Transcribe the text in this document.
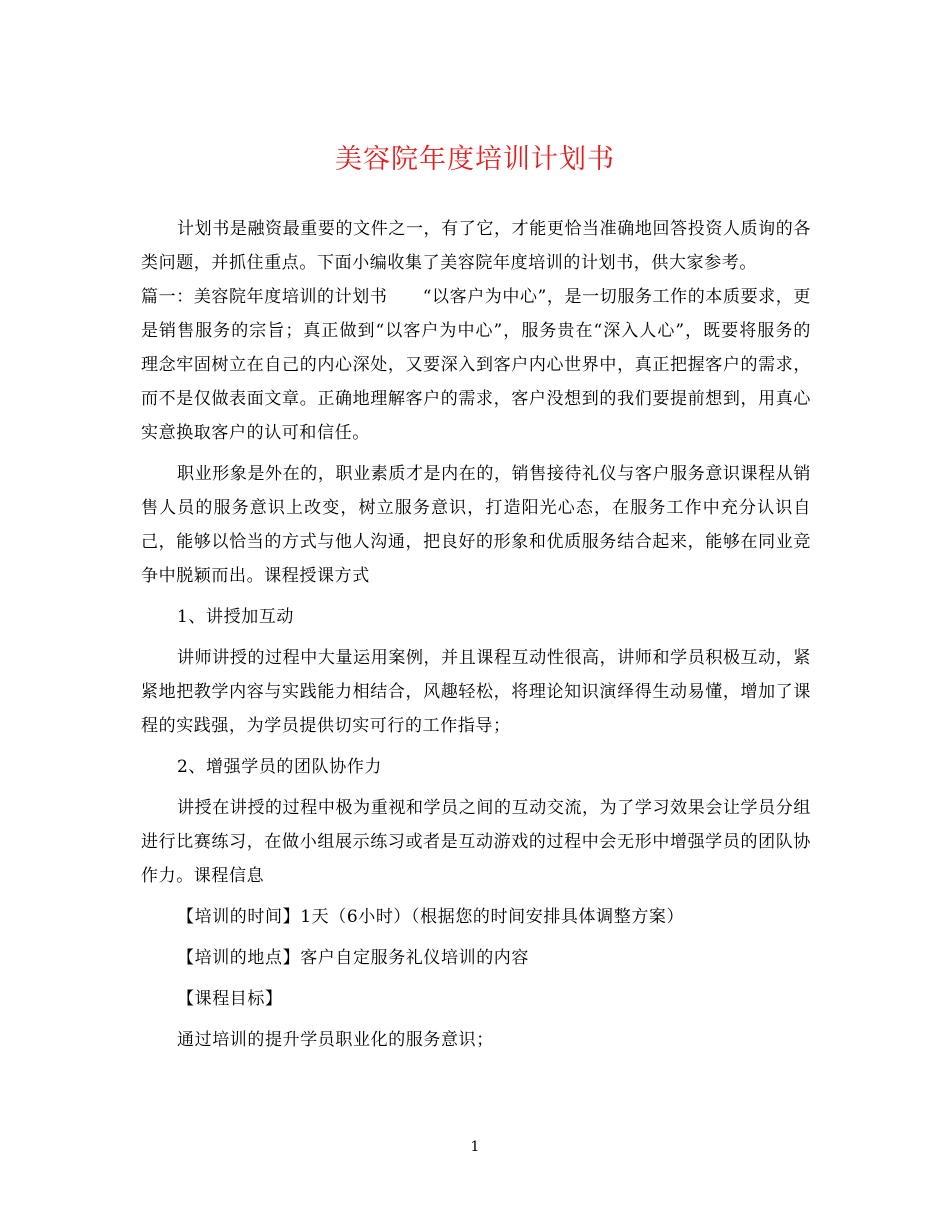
美容院年度培训计划书

计划书是融资最重要的文件之一，有了它，才能更恰当准确地回答投资人质询的各类问题，并抓住重点。下面小编收集了美容院年度培训的计划书，供大家参考。

篇一：美容院年度培训的计划书　　“以客户为中心”，是一切服务工作的本质要求，更是销售服务的宗旨；真正做到“以客户为中心”，服务贵在“深入人心”，既要将服务的理念牢固树立在自己的内心深处，又要深入到客户内心世界中，真正把握客户的需求，而不是仅做表面文章。正确地理解客户的需求，客户没想到的我们要提前想到，用真心实意换取客户的认可和信任。

职业形象是外在的，职业素质才是内在的，销售接待礼仪与客户服务意识课程从销售人员的服务意识上改变，树立服务意识，打造阳光心态，在服务工作中充分认识自己，能够以恰当的方式与他人沟通，把良好的形象和优质服务结合起来，能够在同业竞争中脱颖而出。课程授课方式

1、讲授加互动

讲师讲授的过程中大量运用案例，并且课程互动性很高，讲师和学员积极互动，紧紧地把教学内容与实践能力相结合，风趣轻松，将理论知识演绎得生动易懂，增加了课程的实践强，为学员提供切实可行的工作指导；

2、增强学员的团队协作力

讲授在讲授的过程中极为重视和学员之间的互动交流，为了学习效果会让学员分组进行比赛练习，在做小组展示练习或者是互动游戏的过程中会无形中增强学员的团队协作力。课程信息

【培训的时间】1天（6小时）（根据您的时间安排具体调整方案）

【培训的地点】客户自定服务礼仪培训的内容

【课程目标】

通过培训的提升学员职业化的服务意识；

1
